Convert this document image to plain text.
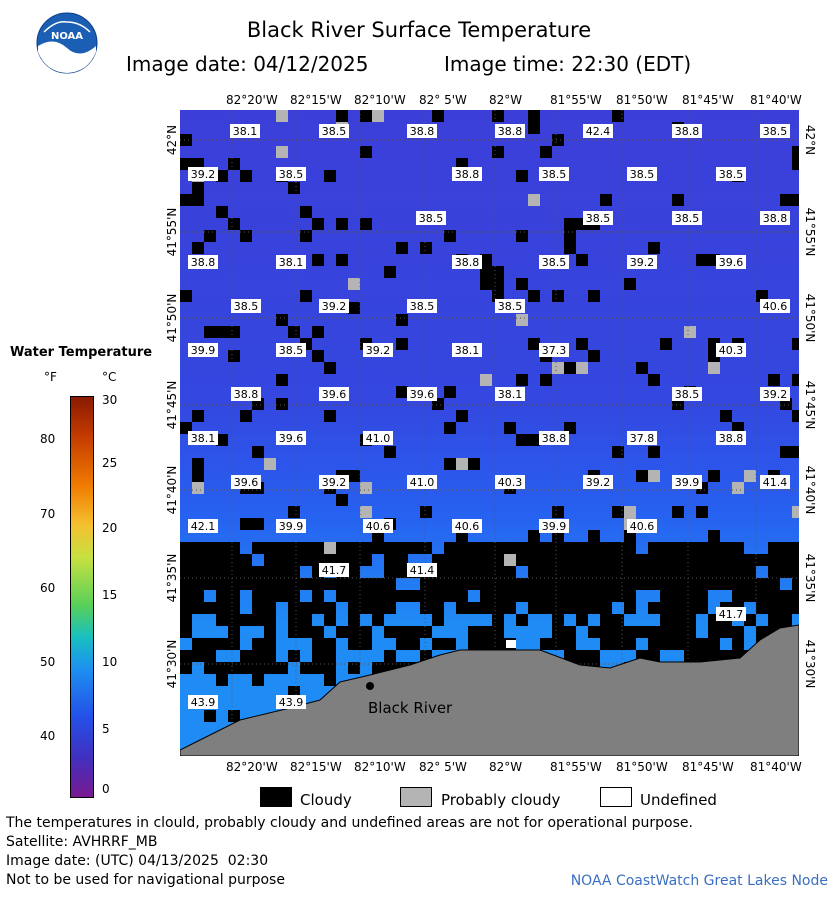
NOAA	Black River Surface Temperature
Image date: 04/12/2025	Image time: 22:30 (EDT)
82°20'W 82°15'W 82°10'W 82° 5'W 82°W 81°55'W 81°50'W 81°45'W 81°40'W
82°20'W 82°15'W 82°10'W 82° 5'W 82°W 81°55'W 81°50'W 81°45'W 81°40'W
42°N
41°55'N
41°50'N
41°45'N
41°40'N
41°35'N
41°30'N
42°N
41°55'N
41°50'N
41°45'N
41°40'N
41°35'N
41°30'N
Black River
38.1	38.5	38.8	38.8	42.4	38.8	38.5
39.2	38.5	38.8	38.5	38.5	38.5
38.5	38.5	38.5	38.8
38.8	38.1	38.8	38.5	39.2	39.6
38.5	39.2	38.5	38.5	40.6
39.9	38.5	39.2	38.1	37.3	40.3
38.8	39.6	39.6	38.1	38.5	39.2
38.1	39.6	41.0	38.8	37.8	38.8
39.6	39.2	41.0	40.3	39.2	39.9	41.4
42.1	39.9	40.6	40.6	39.9	40.6
41.7	41.4
41.7
43.9	43.9
Water Temperature
°F	°C
80
70
60
50
40
30
25
20
15
10
5
0
Cloudy	Probably cloudy	Undefined
The temperatures in clould, probably cloudy and undefined areas are not for operational purpose.
Satellite: AVHRRF_MB
Image date: (UTC) 04/13/2025  02:30
Not to be used for navigational purpose	NOAA CoastWatch Great Lakes Node
